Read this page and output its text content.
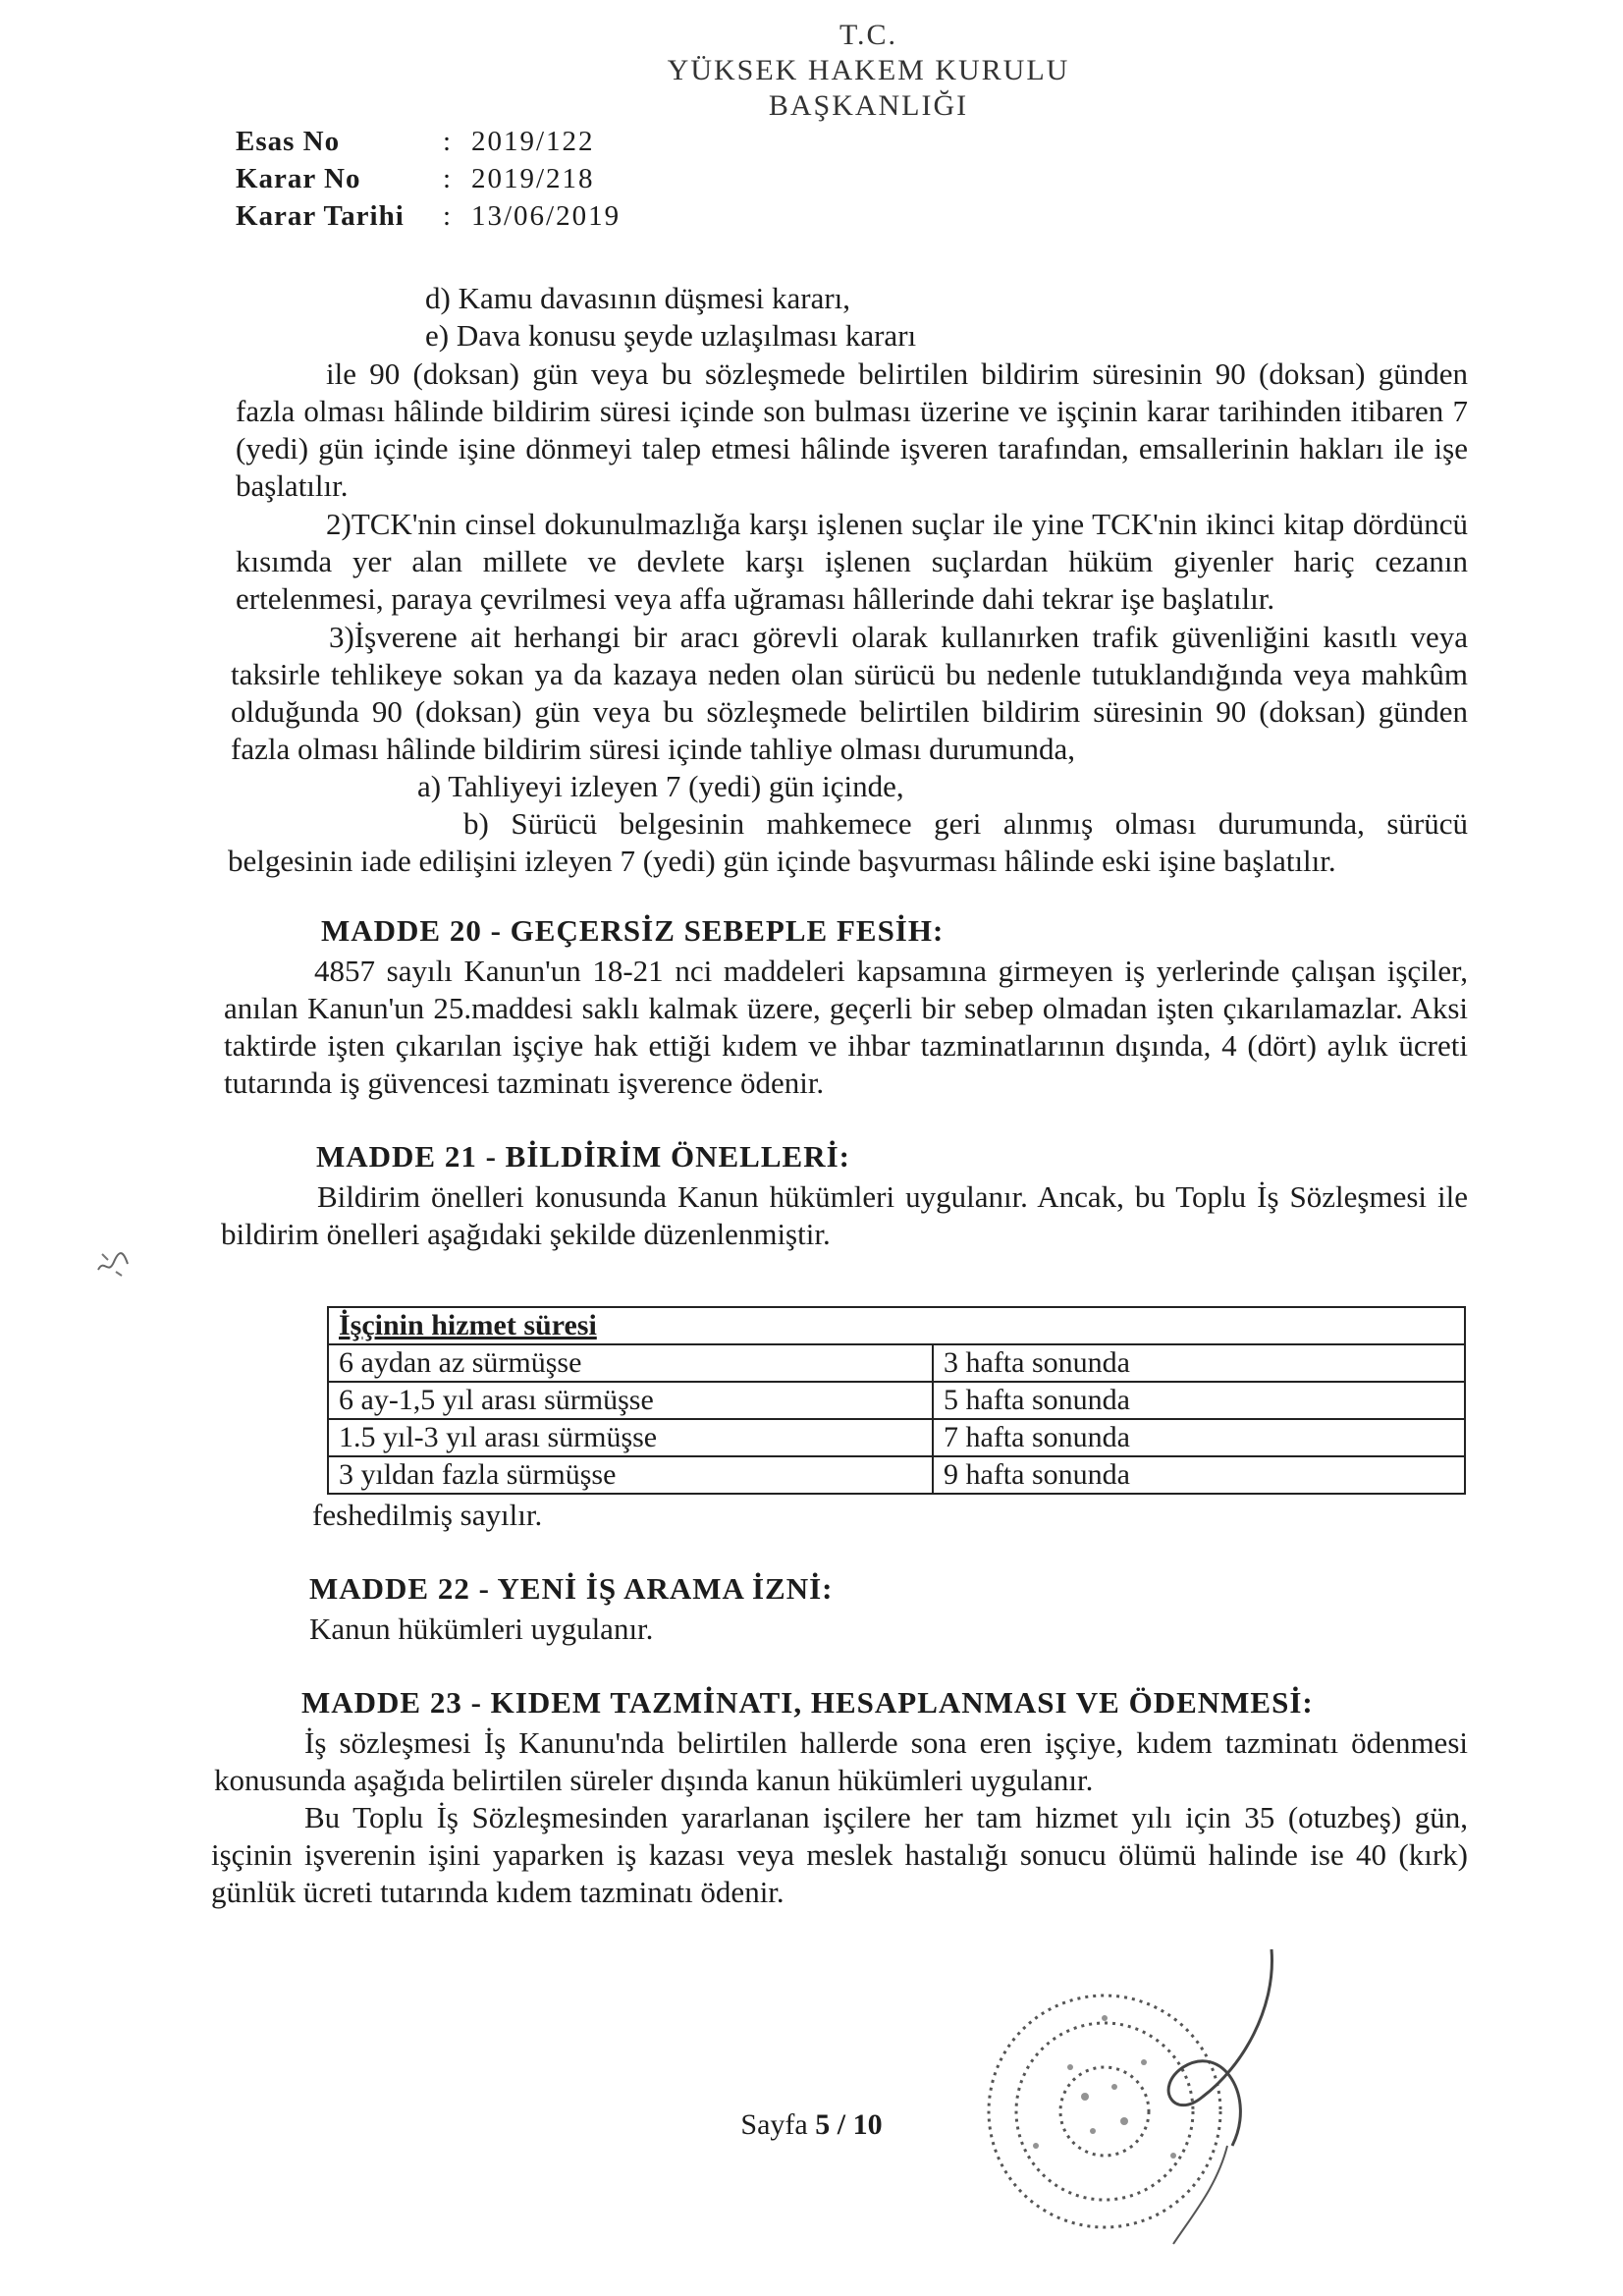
T.C.
YÜKSEK HAKEM KURULU
BAŞKANLIĞI
Esas No	: 2019/122
Karar No	: 2019/218
Karar Tarihi	: 13/06/2019
d) Kamu davasının düşmesi kararı,
e) Dava konusu şeyde uzlaşılması kararı
ile 90 (doksan) gün veya bu sözleşmede belirtilen bildirim süresinin 90 (doksan) günden fazla olması hâlinde bildirim süresi içinde son bulması üzerine ve işçinin karar tarihinden itibaren 7 (yedi) gün içinde işine dönmeyi talep etmesi hâlinde işveren tarafından, emsallerinin hakları ile işe başlatılır.
2)TCK'nin cinsel dokunulmazlığa karşı işlenen suçlar ile yine TCK'nin ikinci kitap dördüncü kısımda yer alan millete ve devlete karşı işlenen suçlardan hüküm giyenler hariç cezanın ertelenmesi, paraya çevrilmesi veya affa uğraması hâllerinde dahi tekrar işe başlatılır.
3)İşverene ait herhangi bir aracı görevli olarak kullanırken trafik güvenliğini kasıtlı veya taksirle tehlikeye sokan ya da kazaya neden olan sürücü bu nedenle tutuklandığında veya mahkûm olduğunda 90 (doksan) gün veya bu sözleşmede belirtilen bildirim süresinin 90 (doksan) günden fazla olması hâlinde bildirim süresi içinde tahliye olması durumunda,
a) Tahliyeyi izleyen 7 (yedi) gün içinde,
b) Sürücü belgesinin mahkemece geri alınmış olması durumunda, sürücü belgesinin iade edilişini izleyen 7 (yedi) gün içinde başvurması hâlinde eski işine başlatılır.
MADDE 20 - GEÇERSİZ SEBEPLE FESİH:
4857 sayılı Kanun'un 18-21 nci maddeleri kapsamına girmeyen iş yerlerinde çalışan işçiler, anılan Kanun'un 25.maddesi saklı kalmak üzere, geçerli bir sebep olmadan işten çıkarılamazlar. Aksi taktirde işten çıkarılan işçiye hak ettiği kıdem ve ihbar tazminatlarının dışında, 4 (dört) aylık ücreti tutarında iş güvencesi tazminatı işverence ödenir.
MADDE 21 - BİLDİRİM ÖNELLERİ:
Bildirim önelleri konusunda Kanun hükümleri uygulanır. Ancak, bu Toplu İş Sözleşmesi ile bildirim önelleri aşağıdaki şekilde düzenlenmiştir.
İşçinin hizmet süresi	
6 aydan az sürmüşse	3 hafta sonunda
6 ay-1,5 yıl arası sürmüşse	5 hafta sonunda
1.5 yıl-3 yıl arası sürmüşse	7 hafta sonunda
3 yıldan fazla sürmüşse	9 hafta sonunda
feshedilmiş sayılır.
MADDE 22 - YENİ İŞ ARAMA İZNİ:
Kanun hükümleri uygulanır.
MADDE 23 - KIDEM TAZMİNATI, HESAPLANMASI VE ÖDENMESİ:
İş sözleşmesi İş Kanunu'nda belirtilen hallerde sona eren işçiye, kıdem tazminatı ödenmesi konusunda aşağıda belirtilen süreler dışında kanun hükümleri uygulanır.
Bu Toplu İş Sözleşmesinden yararlanan işçilere her tam hizmet yılı için 35 (otuzbeş) gün, işçinin işverenin işini yaparken iş kazası veya meslek hastalığı sonucu ölümü halinde ise 40 (kırk) günlük ücreti tutarında kıdem tazminatı ödenir.
Sayfa 5 / 10
